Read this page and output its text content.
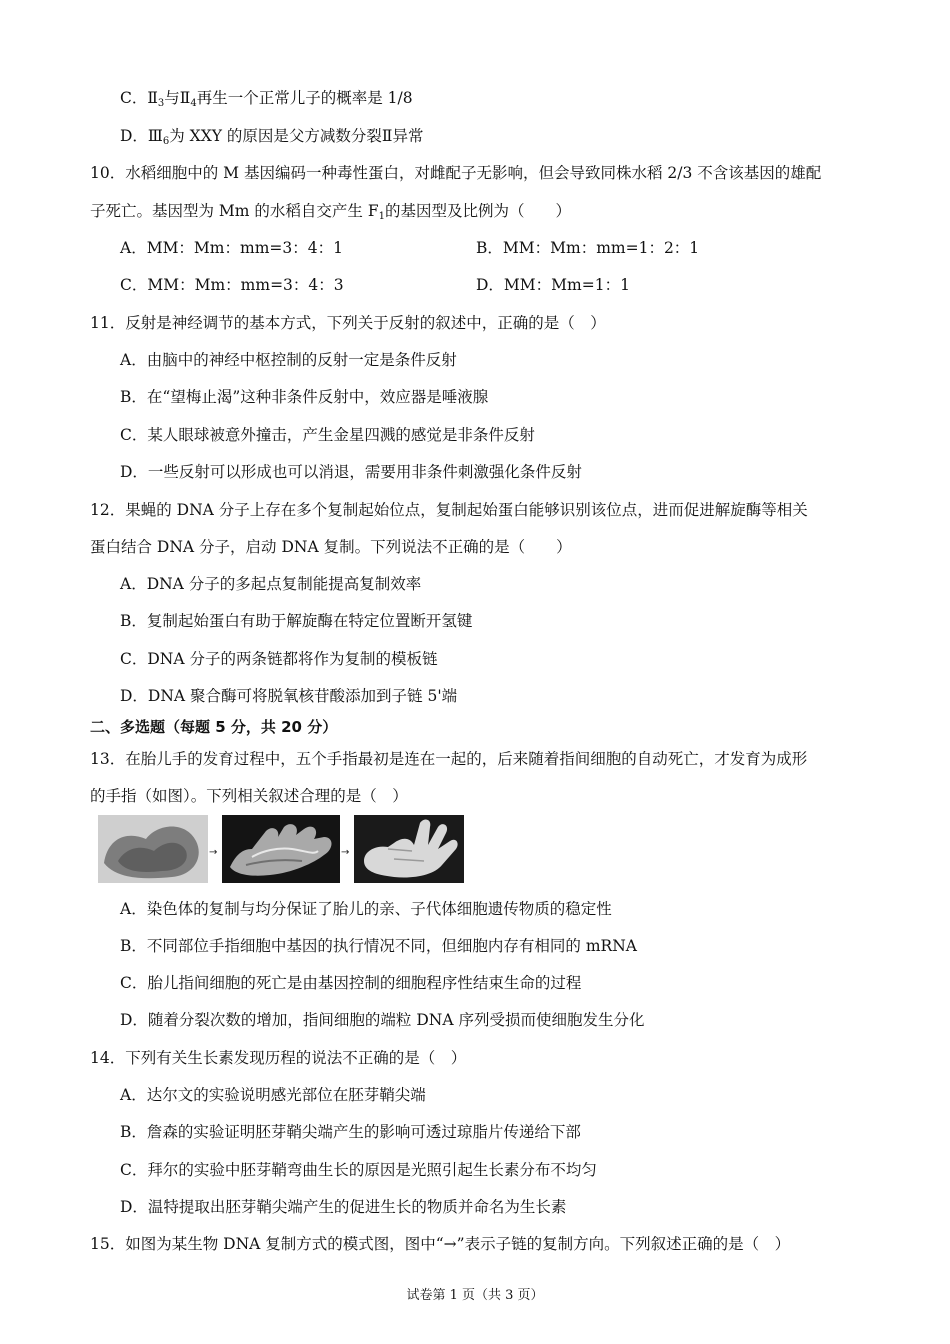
C．$Ⅱ_3$与$Ⅱ_4$再生一个正常儿子的概率是 1/8
D．$Ⅲ_6$为 XXY 的原因是父方减数分裂Ⅱ异常
10．水稻细胞中的 M 基因编码一种毒性蛋白，对雌配子无影响，但会导致同株水稻 2/3 不含该基因的雄配
子死亡。基因型为 Mm 的水稻自交产生 $F_1$的基因型及比例为（　　）
A．MM：Mm：mm=3：4：1	B．MM：Mm：mm=1：2：1
C．MM：Mm：mm=3：4：3	D．MM：Mm=1：1
11．反射是神经调节的基本方式，下列关于反射的叙述中，正确的是（　）
A．由脑中的神经中枢控制的反射一定是条件反射
B．在“望梅止渴”这种非条件反射中，效应器是唾液腺
C．某人眼球被意外撞击，产生金星四溅的感觉是非条件反射
D．一些反射可以形成也可以消退，需要用非条件刺激强化条件反射
12．果蝇的 DNA 分子上存在多个复制起始位点，复制起始蛋白能够识别该位点，进而促进解旋酶等相关
蛋白结合 DNA 分子，启动 DNA 复制。下列说法不正确的是（　　）
A．DNA 分子的多起点复制能提高复制效率
B．复制起始蛋白有助于解旋酶在特定位置断开氢键
C．DNA 分子的两条链都将作为复制的模板链
D．DNA 聚合酶可将脱氧核苷酸添加到子链 5'端
二、多选题（每题 5 分，共 20 分）
13．在胎儿手的发育过程中，五个手指最初是连在一起的，后来随着指间细胞的自动死亡，才发育为成形
的手指（如图）。下列相关叙述合理的是（　）
→	→
A．染色体的复制与均分保证了胎儿的亲、子代体细胞遗传物质的稳定性
B．不同部位手指细胞中基因的执行情况不同，但细胞内存有相同的 mRNA
C．胎儿指间细胞的死亡是由基因控制的细胞程序性结束生命的过程
D．随着分裂次数的增加，指间细胞的端粒 DNA 序列受损而使细胞发生分化
14．下列有关生长素发现历程的说法不正确的是（　）
A．达尔文的实验说明感光部位在胚芽鞘尖端
B．詹森的实验证明胚芽鞘尖端产生的影响可透过琼脂片传递给下部
C．拜尔的实验中胚芽鞘弯曲生长的原因是光照引起生长素分布不均匀
D．温特提取出胚芽鞘尖端产生的促进生长的物质并命名为生长素
15．如图为某生物 DNA 复制方式的模式图，图中“→”表示子链的复制方向。下列叙述正确的是（　）
试卷第 1 页（共 3 页）
